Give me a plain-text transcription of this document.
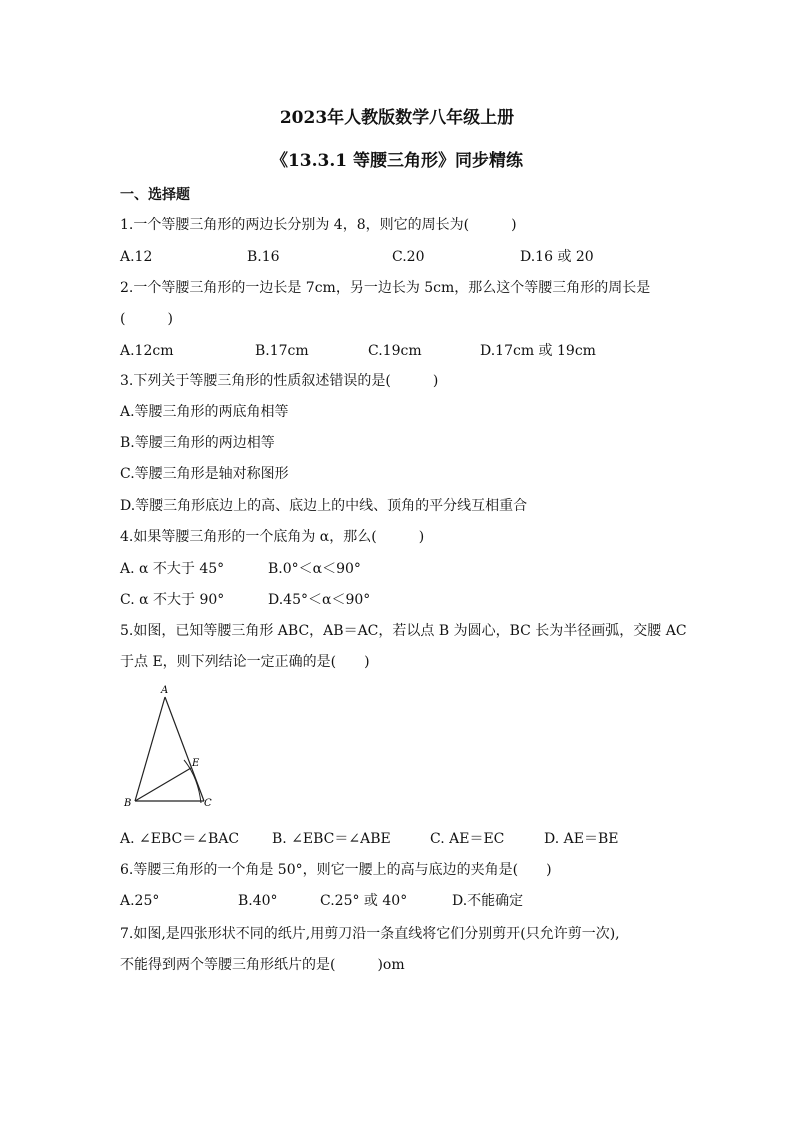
2023年人教版数学八年级上册
《13.3.1 等腰三角形》同步精练
一、选择题
1.一个等腰三角形的两边长分别为 4，8，则它的周长为(　　　)
A.12	B.16	C.20	D.16 或 20
2.一个等腰三角形的一边长是 7cm，另一边长为 5cm，那么这个等腰三角形的周长是
(　　　)
A.12cm	B.17cm	C.19cm	D.17cm 或 19cm
3.下列关于等腰三角形的性质叙述错误的是(　　　)
A.等腰三角形的两底角相等
B.等腰三角形的两边相等
C.等腰三角形是轴对称图形
D.等腰三角形底边上的高、底边上的中线、顶角的平分线互相重合
4.如果等腰三角形的一个底角为 α，那么(　　　)
A. α 不大于 45°	B.0°＜α＜90°
C. α 不大于 90°	D.45°＜α＜90°
5.如图，已知等腰三角形 ABC，AB＝AC，若以点 B 为圆心，BC 长为半径画弧，交腰 AC
于点 E，则下列结论一定正确的是(　　)
A
B	C
E
A. ∠EBC＝∠BAC B. ∠EBC＝∠ABE	C. AE＝EC	D. AE＝BE
6.等腰三角形的一个角是 50°，则它一腰上的高与底边的夹角是(　　)
A.25°	B.40°	C.25° 或 40°	D.不能确定
7.如图,是四张形状不同的纸片,用剪刀沿一条直线将它们分别剪开(只允许剪一次),
不能得到两个等腰三角形纸片的是(　　　)om
